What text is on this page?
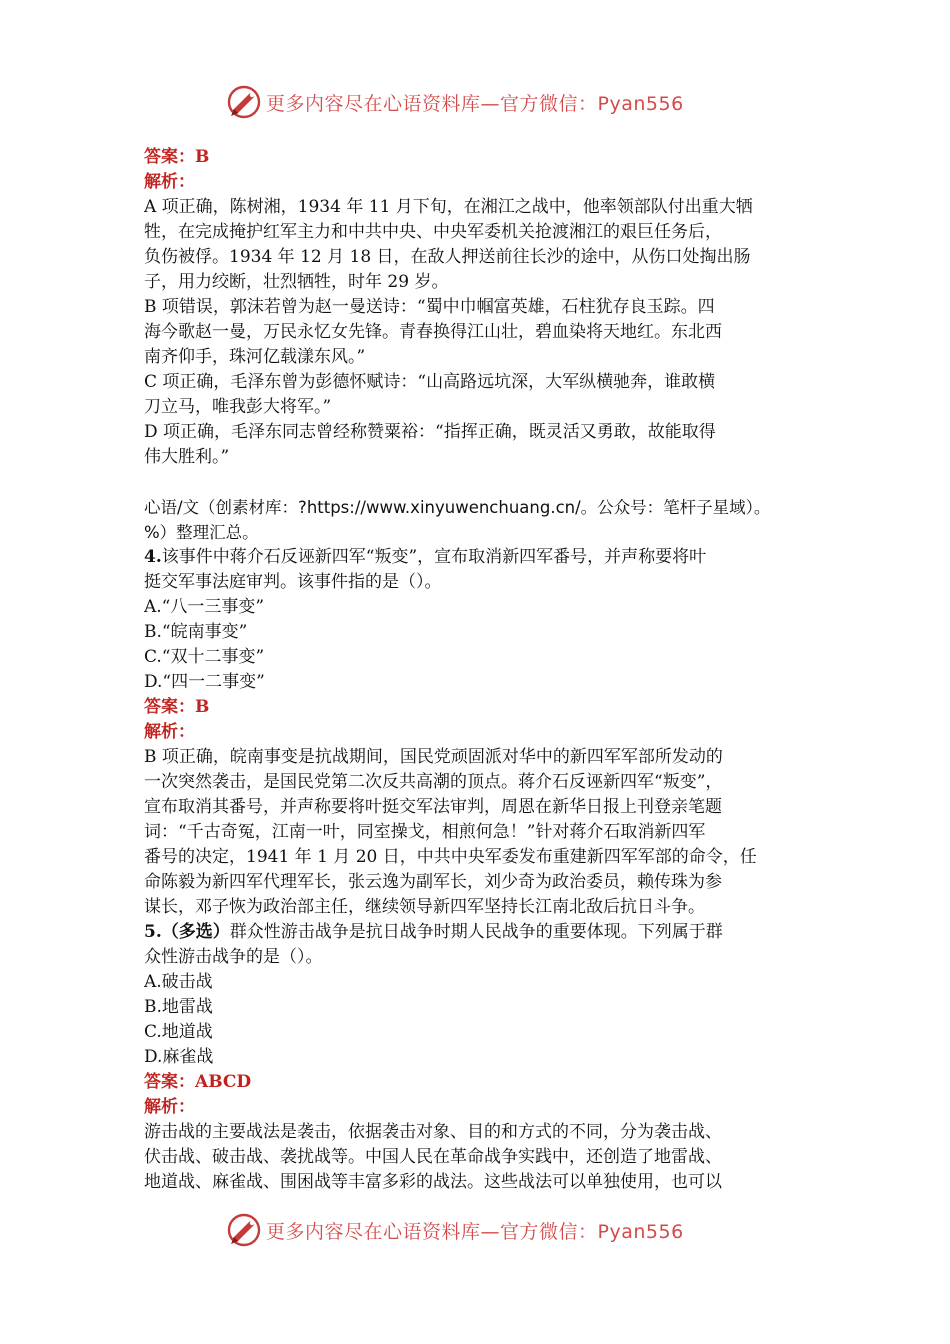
更多内容尽在心语资料库—官方微信：Pyan556
答案：B
解析：
A 项正确，陈树湘，1934 年 11 月下旬，在湘江之战中，他率领部队付出重大牺
牲，在完成掩护红军主力和中共中央、中央军委机关抢渡湘江的艰巨任务后，
负伤被俘。1934 年 12 月 18 日，在敌人押送前往长沙的途中，从伤口处掏出肠
子，用力绞断，壮烈牺牲，时年 29 岁。
B 项错误，郭沫若曾为赵一曼送诗：“蜀中巾帼富英雄，石柱犹存良玉踪。四
海今歌赵一曼，万民永忆女先锋。青春换得江山壮，碧血染将天地红。东北西
南齐仰手，珠河亿载漾东风。”
C 项正确，毛泽东曾为彭德怀赋诗：“山高路远坑深，大军纵横驰奔，谁敢横
刀立马，唯我彭大将军。”
D 项正确，毛泽东同志曾经称赞粟裕：“指挥正确，既灵活又勇敢，故能取得
伟大胜利。”
心语/文（创素材库：?https://www.xinyuwenchuang.cn/。公众号：笔杆子星域）。
%）整理汇总。
4.该事件中蒋介石反诬新四军“叛变”，宣布取消新四军番号，并声称要将叶
挺交军事法庭审判。该事件指的是（）。
A.“八一三事变”
B.“皖南事变”
C.“双十二事变”
D.“四一二事变”
答案：B
解析：
B 项正确，皖南事变是抗战期间，国民党顽固派对华中的新四军军部所发动的
一次突然袭击，是国民党第二次反共高潮的顶点。蒋介石反诬新四军“叛变”，
宣布取消其番号，并声称要将叶挺交军法审判，周恩在新华日报上刊登亲笔题
词：“千古奇冤，江南一叶，同室操戈，相煎何急！”针对蒋介石取消新四军
番号的决定，1941 年 1 月 20 日，中共中央军委发布重建新四军军部的命令，任
命陈毅为新四军代理军长，张云逸为副军长，刘少奇为政治委员，赖传珠为参
谋长，邓子恢为政治部主任，继续领导新四军坚持长江南北敌后抗日斗争。
5.（多选）群众性游击战争是抗日战争时期人民战争的重要体现。下列属于群
众性游击战争的是（）。
A.破击战
B.地雷战
C.地道战
D.麻雀战
答案：ABCD
解析：
游击战的主要战法是袭击，依据袭击对象、目的和方式的不同，分为袭击战、
伏击战、破击战、袭扰战等。中国人民在革命战争实践中，还创造了地雷战、
地道战、麻雀战、围困战等丰富多彩的战法。这些战法可以单独使用，也可以
更多内容尽在心语资料库—官方微信：Pyan556
